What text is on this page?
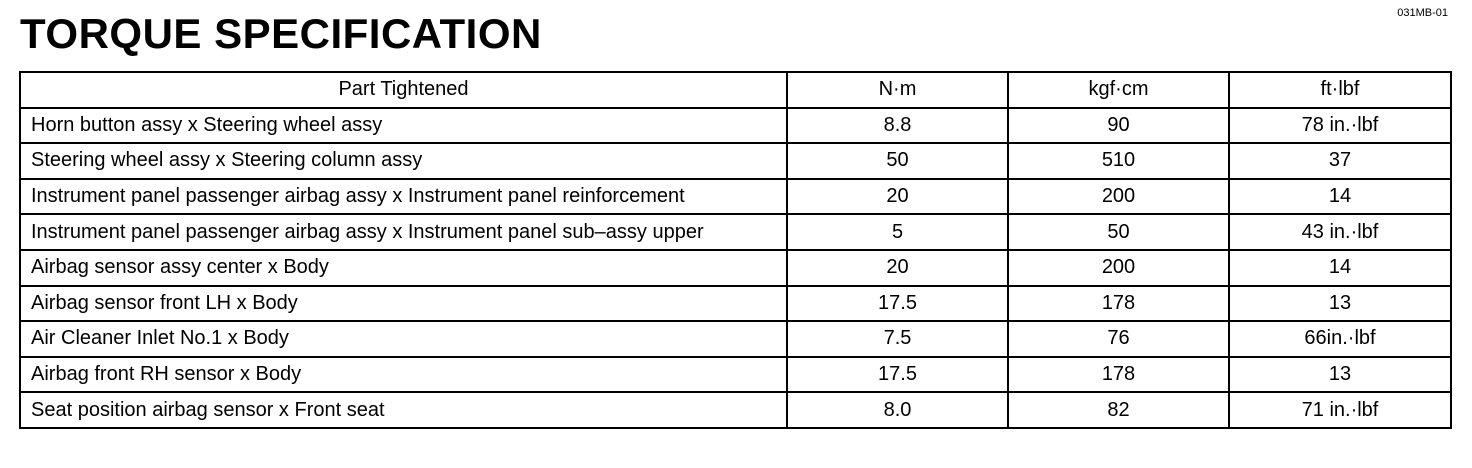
031MB-01
TORQUE SPECIFICATION
Part Tightened	N·m	kgf·cm	ft·lbf
Horn button assy x Steering wheel assy	8.8	90	78 in.·lbf
Steering wheel assy x Steering column assy	50	510	37
Instrument panel passenger airbag assy x Instrument panel reinforcement	20	200	14
Instrument panel passenger airbag assy x Instrument panel sub–assy upper	5	50	43 in.·lbf
Airbag sensor assy center x Body	20	200	14
Airbag sensor front LH x Body	17.5	178	13
Air Cleaner Inlet No.1 x Body	7.5	76	66in.·lbf
Airbag front RH sensor x Body	17.5	178	13
Seat position airbag sensor x Front seat	8.0	82	71 in.·lbf
